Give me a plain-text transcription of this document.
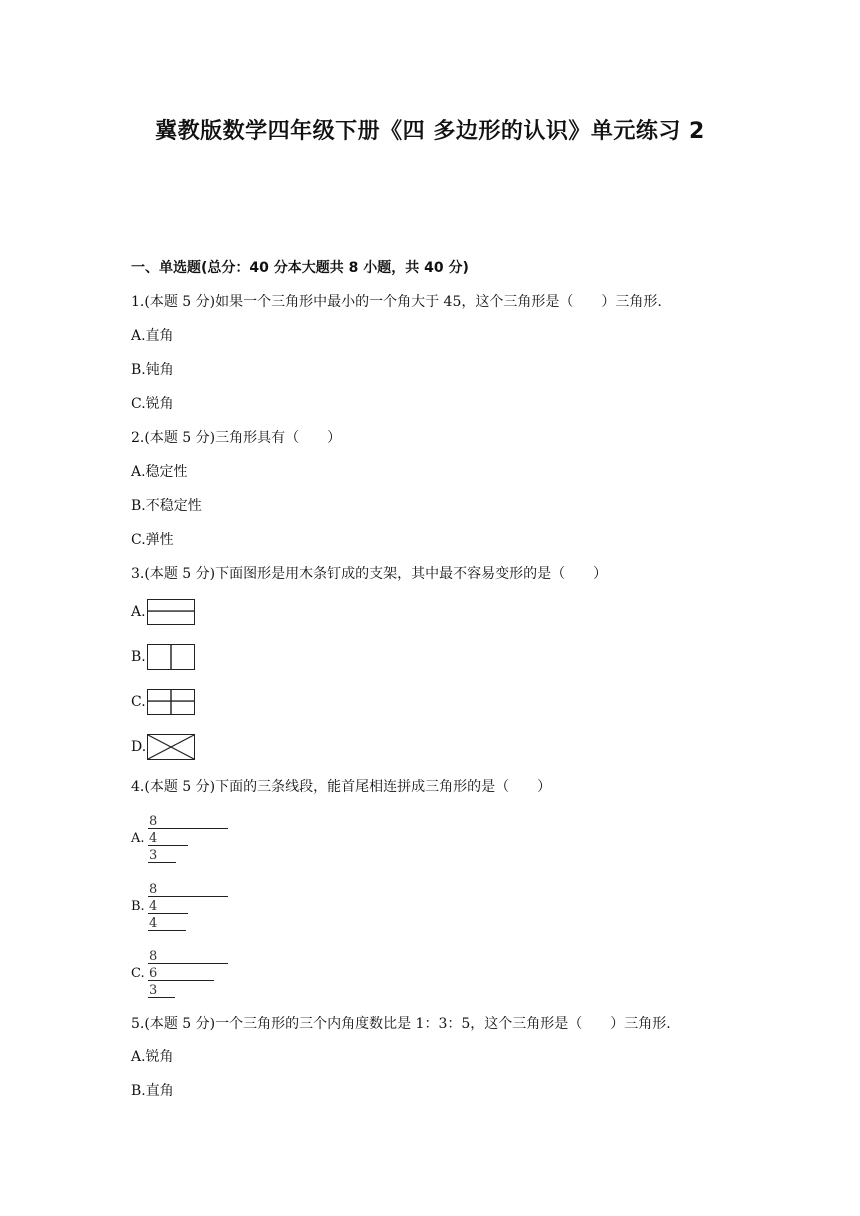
冀教版数学四年级下册《四 多边形的认识》单元练习 2
一、单选题(总分：40 分本大题共 8 小题，共 40 分)
1.(本题 5 分)如果一个三角形中最小的一个角大于 45，这个三角形是（　　）三角形.
A.直角
B.钝角
C.锐角
2.(本题 5 分)三角形具有（　　）
A.稳定性
B.不稳定性
C.弹性
3.(本题 5 分)下面图形是用木条钉成的支架，其中最不容易变形的是（　　）
A.
B.
C.
D.
4.(本题 5 分)下面的三条线段，能首尾相连拼成三角形的是（　　）
A.
8
4
3
B.
8
4
4
C.
8
6
3
5.(本题 5 分)一个三角形的三个内角度数比是 1：3：5，这个三角形是（　　）三角形.
A.锐角
B.直角
